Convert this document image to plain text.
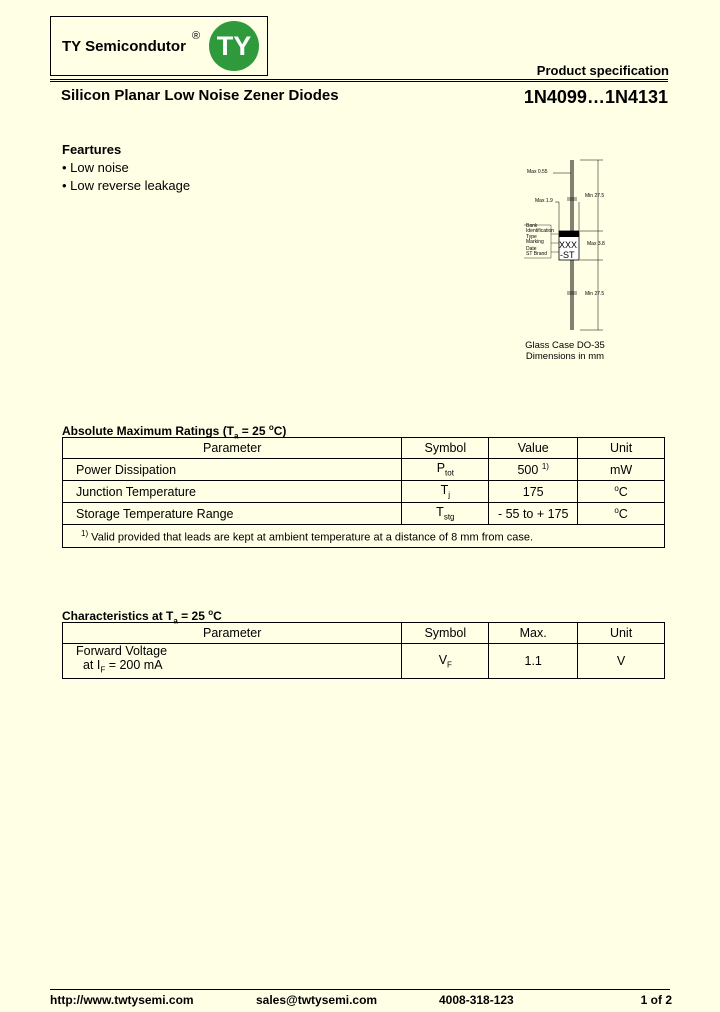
TY Semicondutor
® TY
Product specification
Silicon Planar Low Noise Zener Diodes	1N4099…1N4131
Feartures
• Low noise
• Low reverse leakage
Max 0.55
Max 1.9
Min 27.5
Max 3.8
Min 27.5
Bank
Identification
Type
Marking
Date
ST Brand
XXX
-ST
Glass Case DO-35
Dimensions in mm
Absolute Maximum Ratings ($T_a = 25$ $^o$C)
Parameter	Symbol	Value	Unit
Power Dissipation	$P_{tot}$	500 $^{1)}$	mW
Junction Temperature	$T_j$	175	$^o$C
Storage Temperature Range	$T_{stg}$	- 55 to + 175	$^o$C
$^{1)}$ Valid provided that leads are kept at ambient temperature at a distance of 8 mm from case.			
Characteristics at $T_a = 25$ $^o$C
Parameter	Symbol	Max.	Unit
Forward Voltage
at $I_F = 200$ mA	$V_F$	1.1	V
http://www.twtysemi.com	sales@twtysemi.com	4008-318-123	1 of 2
